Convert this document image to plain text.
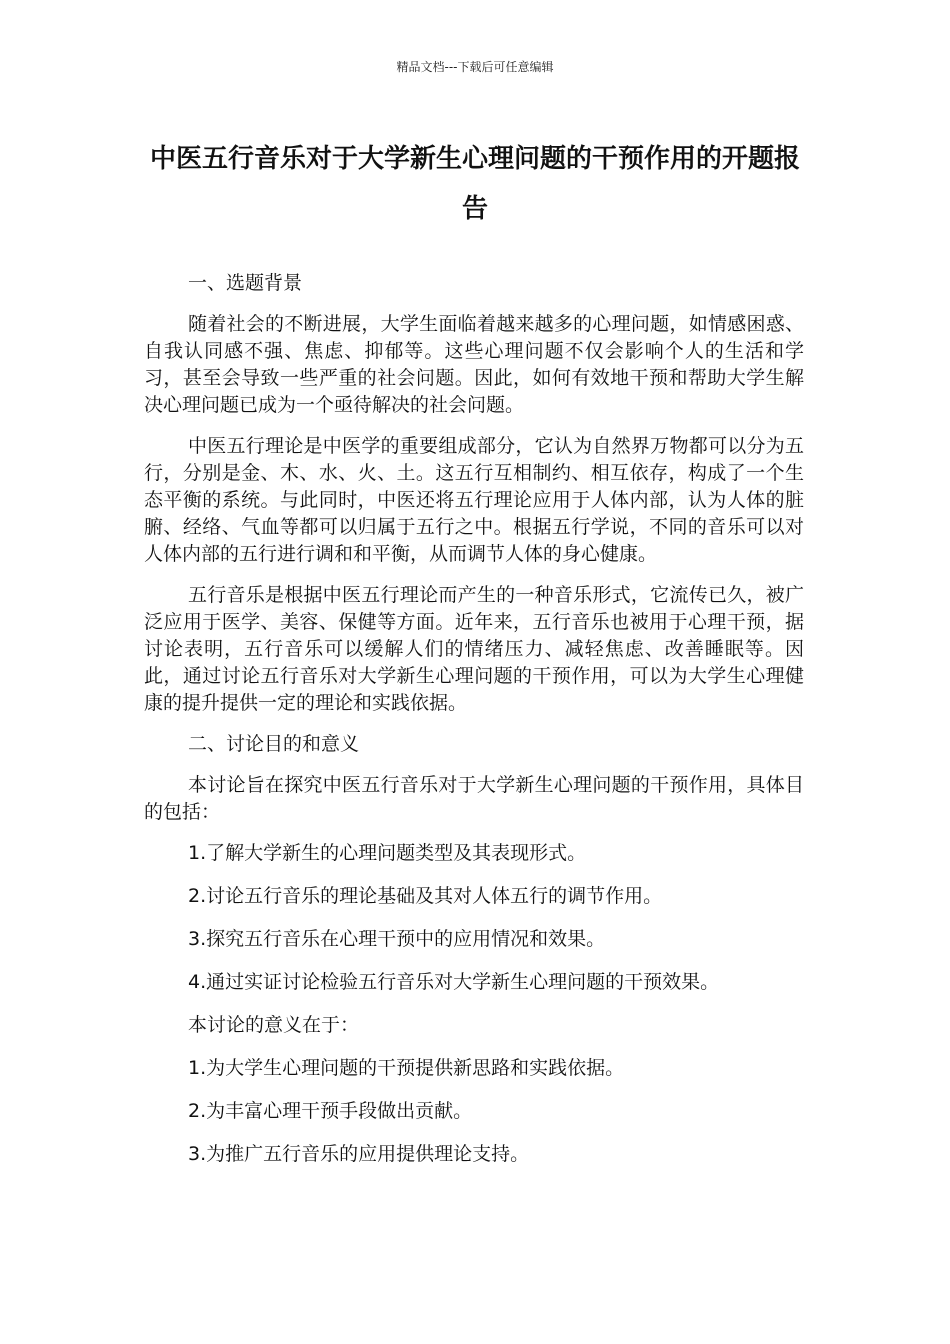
精品文档---下载后可任意编辑
中医五行音乐对于大学新生心理问题的干预作用的开题报告

一、选题背景

随着社会的不断进展，大学生面临着越来越多的心理问题，如情感困惑、自我认同感不强、焦虑、抑郁等。这些心理问题不仅会影响个人的生活和学习，甚至会导致一些严重的社会问题。因此，如何有效地干预和帮助大学生解决心理问题已成为一个亟待解决的社会问题。

中医五行理论是中医学的重要组成部分，它认为自然界万物都可以分为五行，分别是金、木、水、火、土。这五行互相制约、相互依存，构成了一个生态平衡的系统。与此同时，中医还将五行理论应用于人体内部，认为人体的脏腑、经络、气血等都可以归属于五行之中。根据五行学说，不同的音乐可以对人体内部的五行进行调和和平衡，从而调节人体的身心健康。

五行音乐是根据中医五行理论而产生的一种音乐形式，它流传已久，被广泛应用于医学、美容、保健等方面。近年来，五行音乐也被用于心理干预，据讨论表明，五行音乐可以缓解人们的情绪压力、减轻焦虑、改善睡眠等。因此，通过讨论五行音乐对大学新生心理问题的干预作用，可以为大学生心理健康的提升提供一定的理论和实践依据。

二、讨论目的和意义

本讨论旨在探究中医五行音乐对于大学新生心理问题的干预作用，具体目的包括：

1.了解大学新生的心理问题类型及其表现形式。

2.讨论五行音乐的理论基础及其对人体五行的调节作用。

3.探究五行音乐在心理干预中的应用情况和效果。

4.通过实证讨论检验五行音乐对大学新生心理问题的干预效果。

本讨论的意义在于：

1.为大学生心理问题的干预提供新思路和实践依据。

2.为丰富心理干预手段做出贡献。

3.为推广五行音乐的应用提供理论支持。
